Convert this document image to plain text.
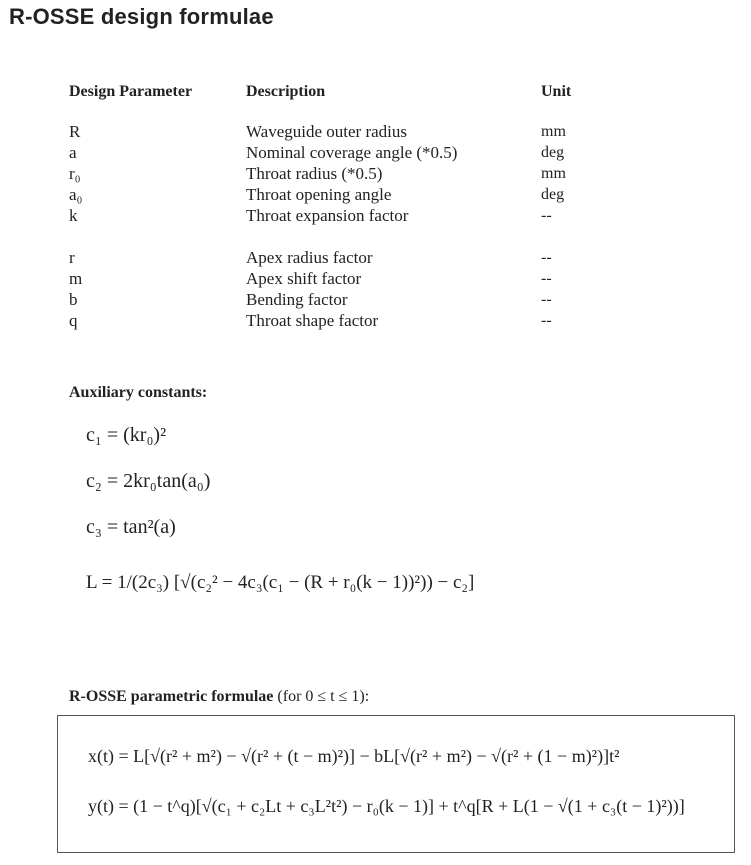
R-OSSE design formulae
Design Parameter	Description	Unit
R	Waveguide outer radius	mm
a	Nominal coverage angle (*0.5)	deg
r₀	Throat radius (*0.5)	mm
a₀	Throat opening angle	deg
k	Throat expansion factor	--
r	Apex radius factor	--
m	Apex shift factor	--
b	Bending factor	--
q	Throat shape factor	--
Auxiliary constants:
c₁ = (kr₀)²
c₂ = 2kr₀tan(a₀)
c₃ = tan²(a)
L = 1/(2c₃) [√(c₂² − 4c₃(c₁ − (R + r₀(k − 1))²)) − c₂]
R-OSSE parametric formulae (for 0 ≤ t ≤ 1):
x(t) = L[√(r² + m²) − √(r² + (t − m)²)] − bL[√(r² + m²) − √(r² + (1 − m)²)]t²
y(t) = (1 − t^q)[√(c₁ + c₂Lt + c₃L²t²) − r₀(k − 1)] + t^q[R + L(1 − √(1 + c₃(t − 1)²))]
